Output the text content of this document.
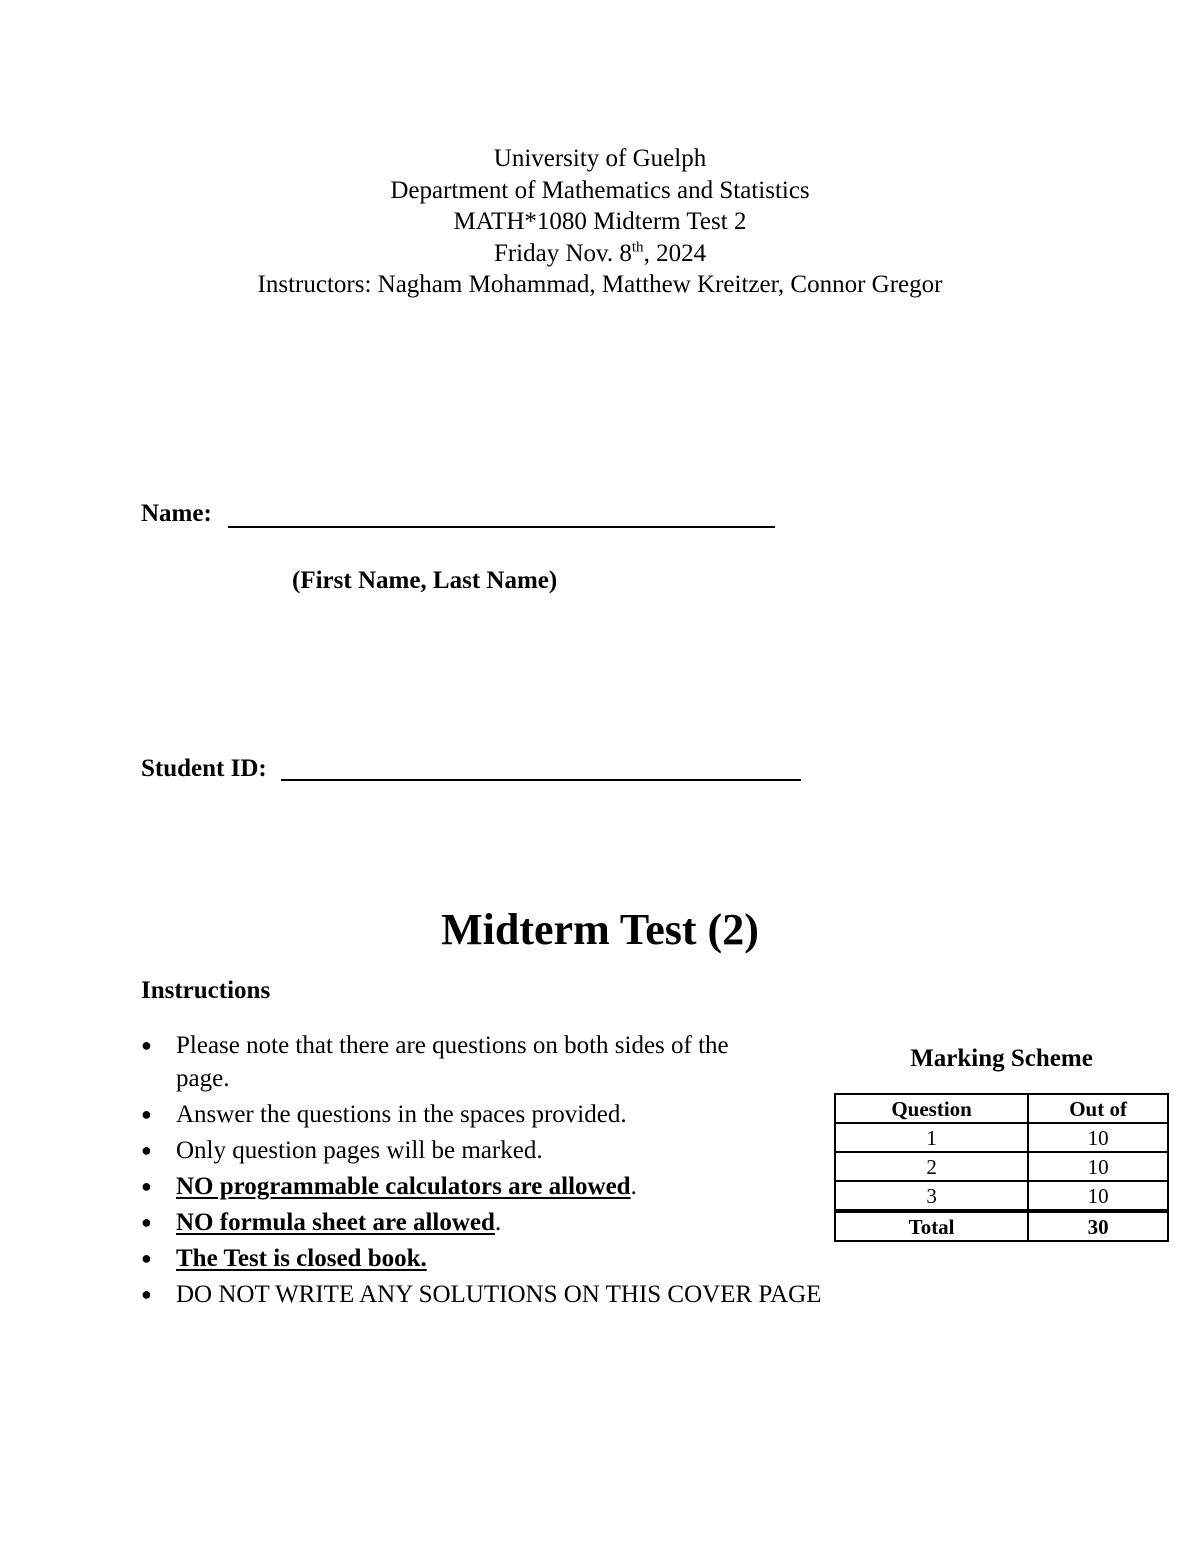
University of Guelph
Department of Mathematics and Statistics
MATH*1080 Midterm Test 2
Friday Nov. 8th, 2024
Instructors: Nagham Mohammad, Matthew Kreitzer, Connor Gregor
Name:
(First Name, Last Name)
Student ID:
Midterm Test (2)
Instructions
● Please note that there are questions on both sides of the page.
● Answer the questions in the spaces provided.
● Only question pages will be marked.
● NO programmable calculators are allowed.
● NO formula sheet are allowed.
● The Test is closed book.
● DO NOT WRITE ANY SOLUTIONS ON THIS COVER PAGE
Marking Scheme
Question	Out of
1	10
2	10
3	10
Total	30
